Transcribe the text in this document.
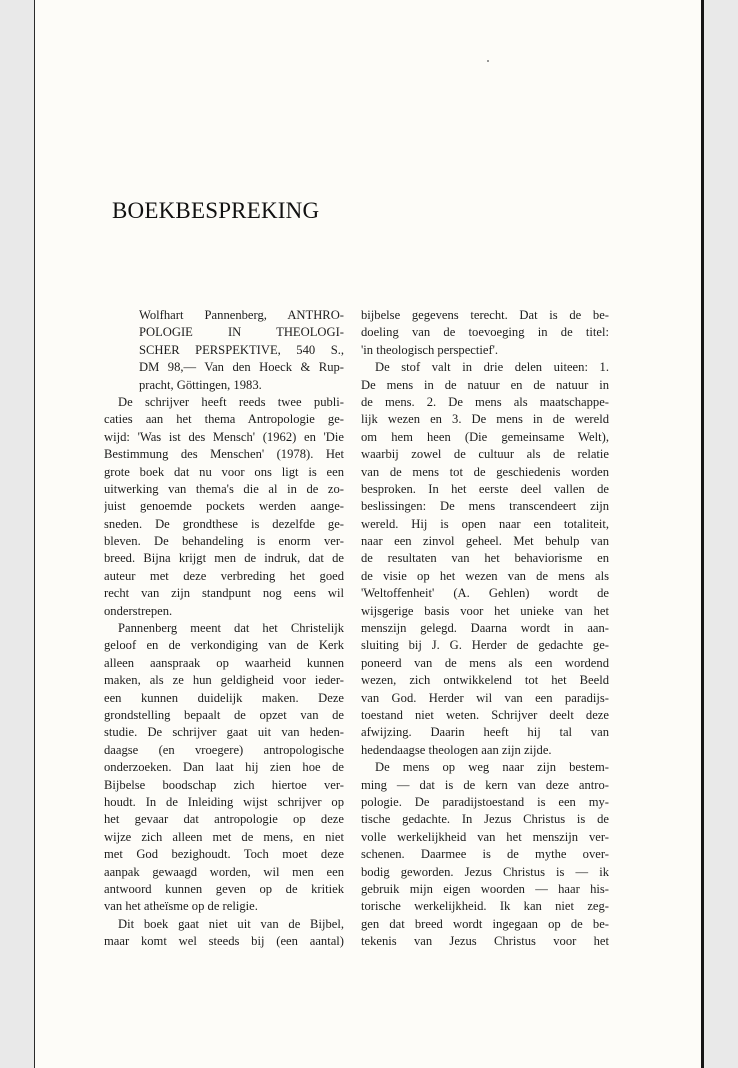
BOEKBESPREKING
Wolfhart Pannenberg, ANTHRO-
POLOGIE IN THEOLOGI-
SCHER PERSPEKTIVE, 540 S.,
DM 98,— Van den Hoeck & Rup-
pracht, Göttingen, 1983.
De schrijver heeft reeds twee publi-
caties aan het thema Antropologie ge-
wijd: 'Was ist des Mensch' (1962) en 'Die
Bestimmung des Menschen' (1978). Het
grote boek dat nu voor ons ligt is een
uitwerking van thema's die al in de zo-
juist genoemde pockets werden aange-
sneden. De grondthese is dezelfde ge-
bleven. De behandeling is enorm ver-
breed. Bijna krijgt men de indruk, dat de
auteur met deze verbreding het goed
recht van zijn standpunt nog eens wil
onderstrepen.
Pannenberg meent dat het Christelijk
geloof en de verkondiging van de Kerk
alleen aanspraak op waarheid kunnen
maken, als ze hun geldigheid voor ieder-
een kunnen duidelijk maken. Deze
grondstelling bepaalt de opzet van de
studie. De schrijver gaat uit van heden-
daagse (en vroegere) antropologische
onderzoeken. Dan laat hij zien hoe de
Bijbelse boodschap zich hiertoe ver-
houdt. In de Inleiding wijst schrijver op
het gevaar dat antropologie op deze
wijze zich alleen met de mens, en niet
met God bezighoudt. Toch moet deze
aanpak gewaagd worden, wil men een
antwoord kunnen geven op de kritiek
van het atheïsme op de religie.
Dit boek gaat niet uit van de Bijbel,
maar komt wel steeds bij (een aantal)
bijbelse gegevens terecht. Dat is de be-
doeling van de toevoeging in de titel:
'in theologisch perspectief'.
De stof valt in drie delen uiteen: 1.
De mens in de natuur en de natuur in
de mens. 2. De mens als maatschappe-
lijk wezen en 3. De mens in de wereld
om hem heen (Die gemeinsame Welt),
waarbij zowel de cultuur als de relatie
van de mens tot de geschiedenis worden
besproken. In het eerste deel vallen de
beslissingen: De mens transcendeert zijn
wereld. Hij is open naar een totaliteit,
naar een zinvol geheel. Met behulp van
de resultaten van het behaviorisme en
de visie op het wezen van de mens als
'Weltoffenheit' (A. Gehlen) wordt de
wijsgerige basis voor het unieke van het
menszijn gelegd. Daarna wordt in aan-
sluiting bij J. G. Herder de gedachte ge-
poneerd van de mens als een wordend
wezen, zich ontwikkelend tot het Beeld
van God. Herder wil van een paradijs-
toestand niet weten. Schrijver deelt deze
afwijzing. Daarin heeft hij tal van
hedendaagse theologen aan zijn zijde.
De mens op weg naar zijn bestem-
ming — dat is de kern van deze antro-
pologie. De paradijstoestand is een my-
tische gedachte. In Jezus Christus is de
volle werkelijkheid van het menszijn ver-
schenen. Daarmee is de mythe over-
bodig geworden. Jezus Christus is — ik
gebruik mijn eigen woorden — haar his-
torische werkelijkheid. Ik kan niet zeg-
gen dat breed wordt ingegaan op de be-
tekenis van Jezus Christus voor het
